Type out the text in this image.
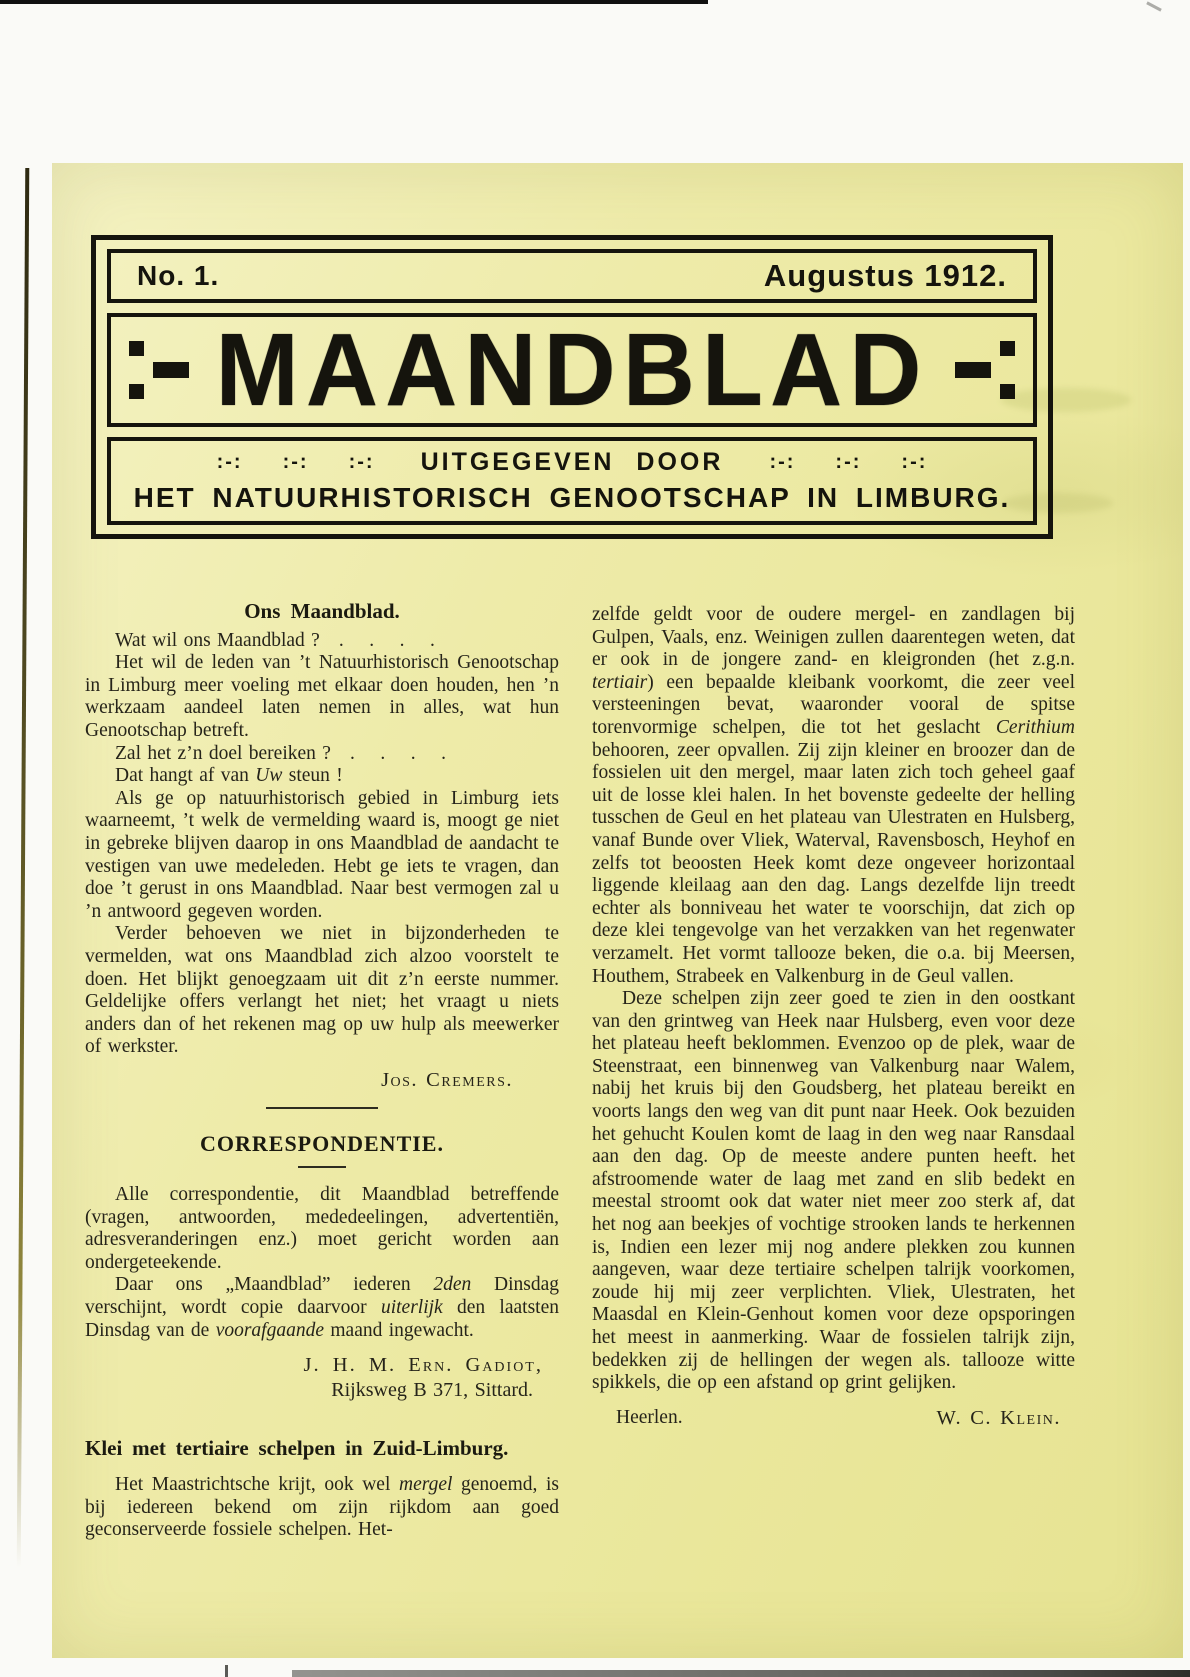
No. 1.	Augustus 1912.
MAANDBLAD
:-: :-: :-: UITGEGEVEN DOOR :-: :-: :-:
HET NATUURHISTORISCH GENOOTSCHAP IN LIMBURG.
Ons Maandblad.
Wat wil ons Maandblad ?   .    .    .    .
Het wil de leden van ’t Natuurhistorisch Genootschap in Limburg meer voeling met elkaar doen houden, hen ’n werkzaam aandeel laten nemen in alles, wat hun Genootschap betreft.
Zal het z’n doel bereiken ?   .    .    .    .
Dat hangt af van Uw steun !
Als ge op natuurhistorisch gebied in Limburg iets waarneemt, ’t welk de vermelding waard is, moogt ge niet in gebreke blijven daarop in ons Maandblad de aandacht te vestigen van uwe medeleden. Hebt ge iets te vragen, dan doe ’t gerust in ons Maandblad. Naar best vermogen zal u ’n antwoord gegeven worden.
Verder behoeven we niet in bijzonderheden te vermelden, wat ons Maandblad zich alzoo voorstelt te doen. Het blijkt genoegzaam uit dit z’n eerste nummer. Geldelijke offers verlangt het niet; het vraagt u niets anders dan of het rekenen mag op uw hulp als meewerker of werkster.
Jos. Cremers.
CORRESPONDENTIE.
Alle correspondentie, dit Maandblad betreffende (vragen, antwoorden, mededeelingen, advertentiën, adresveranderingen enz.) moet gericht worden aan ondergeteekende.
Daar ons „Maandblad” iederen 2den Dinsdag verschijnt, wordt copie daarvoor uiterlijk den laatsten Dinsdag van de voorafgaande maand ingewacht.
J. H. M. Ern. Gadiot,
Rijksweg B 371, Sittard.
Klei met tertiaire schelpen in Zuid-Limburg.
Het Maastrichtsche krijt, ook wel mergel genoemd, is bij iedereen bekend om zijn rijkdom aan goed geconserveerde fossiele schelpen. Het-
zelfde geldt voor de oudere mergel- en zandlagen bij Gulpen, Vaals, enz. Weinigen zullen daarentegen weten, dat er ook in de jongere zand- en kleigronden (het z.g.n. tertiair) een bepaalde kleibank voorkomt, die zeer veel versteeningen bevat, waaronder vooral de spitse torenvormige schelpen, die tot het geslacht Cerithium behooren, zeer opvallen. Zij zijn kleiner en broozer dan de fossielen uit den mergel, maar laten zich toch geheel gaaf uit de losse klei halen. In het bovenste gedeelte der helling tusschen de Geul en het plateau van Ulestraten en Hulsberg, vanaf Bunde over Vliek, Waterval, Ravensbosch, Heyhof en zelfs tot beoosten Heek komt deze ongeveer horizontaal liggende kleilaag aan den dag. Langs dezelfde lijn treedt echter als bonniveau het water te voorschijn, dat zich op deze klei tengevolge van het verzakken van het regenwater verzamelt. Het vormt tallooze beken, die o.a. bij Meersen, Houthem, Strabeek en Valkenburg in de Geul vallen.
Deze schelpen zijn zeer goed te zien in den oostkant van den grintweg van Heek naar Hulsberg, even voor deze het plateau heeft beklommen. Evenzoo op de plek, waar de Steenstraat, een binnenweg van Valkenburg naar Walem, nabij het kruis bij den Goudsberg, het plateau bereikt en voorts langs den weg van dit punt naar Heek. Ook bezuiden het gehucht Koulen komt de laag in den weg naar Ransdaal aan den dag. Op de meeste andere punten heeft. het afstroomende water de laag met zand en slib bedekt en meestal stroomt ook dat water niet meer zoo sterk af, dat het nog aan beekjes of vochtige strooken lands te herkennen is, Indien een lezer mij nog andere plekken zou kunnen aangeven, waar deze tertiaire schelpen talrijk voorkomen, zoude hij mij zeer verplichten. Vliek, Ulestraten, het Maasdal en Klein-Genhout komen voor deze opsporingen het meest in aanmerking. Waar de fossielen talrijk zijn, bedekken zij de hellingen der wegen als. tallooze witte spikkels, die op een afstand op grint gelijken.
Heerlen.	W. C. Klein.
